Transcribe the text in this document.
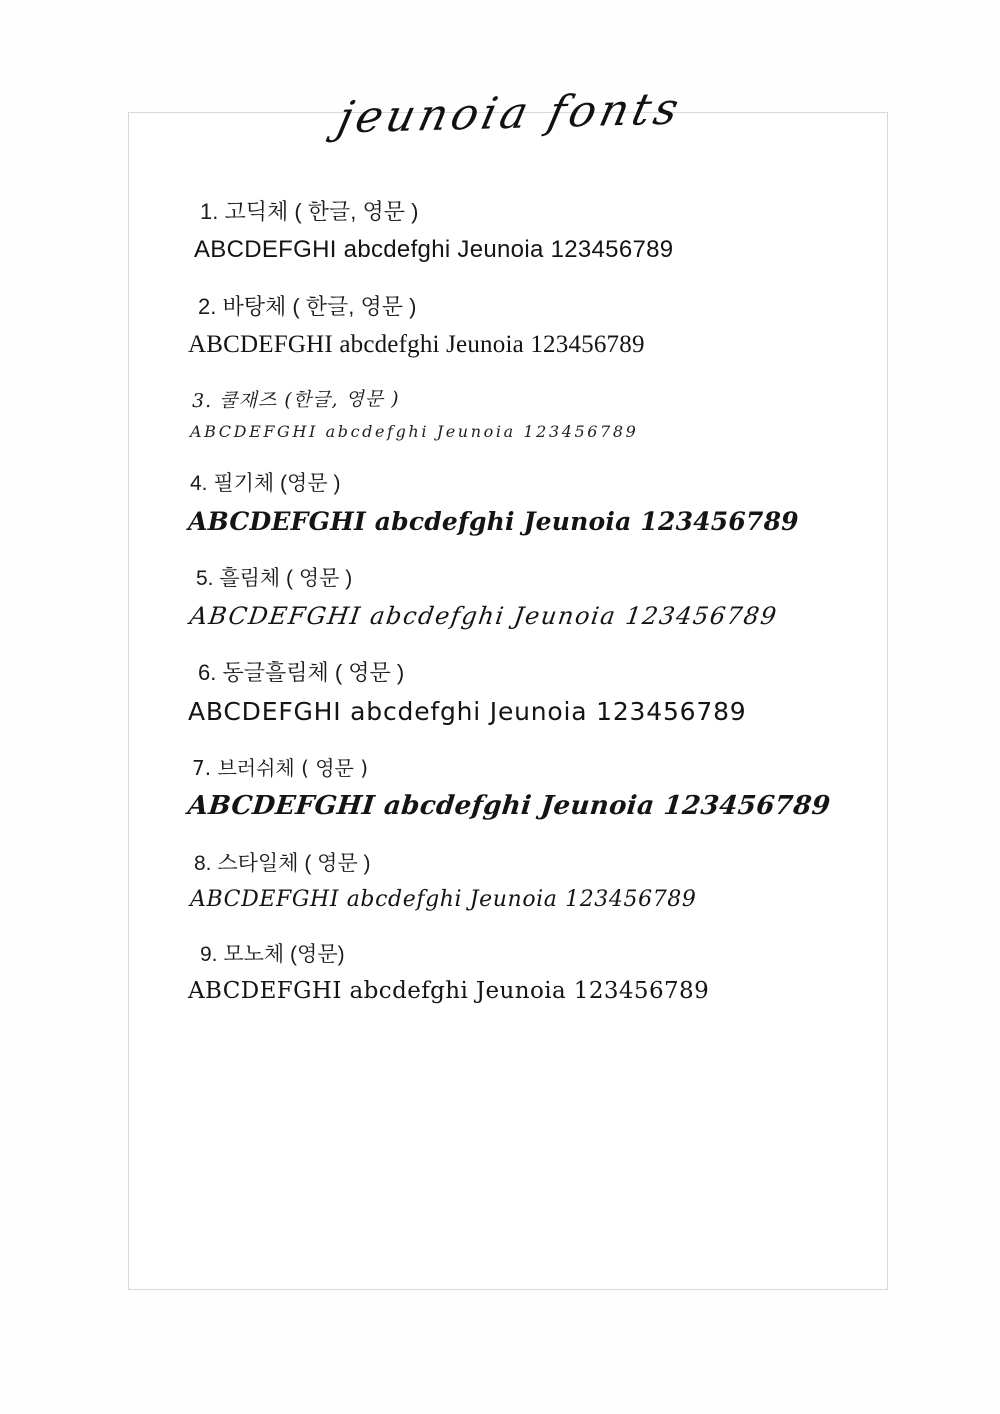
jeunoia fonts
1. 고딕체 ( 한글, 영문 )
ABCDEFGHI abcdefghi Jeunoia 123456789
2. 바탕체 ( 한글, 영문 )
ABCDEFGHI abcdefghi Jeunoia 123456789
3. 쿨재즈 (한글, 영문 )
ABCDEFGHI abcdefghi Jeunoia 123456789
4. 필기체 (영문 )
ABCDEFGHI abcdefghi Jeunoia 123456789
5. 흘림체 ( 영문 )
ABCDEFGHI abcdefghi Jeunoia 123456789
6. 동글흘림체 ( 영문 )
ABCDEFGHI abcdefghi Jeunoia 123456789
7. 브러쉬체 ( 영문 )
ABCDEFGHI abcdefghi Jeunoia 123456789
8. 스타일체 ( 영문 )
ABCDEFGHI abcdefghi Jeunoia 123456789
9. 모노체 (영문)
ABCDEFGHI abcdefghi Jeunoia 123456789
